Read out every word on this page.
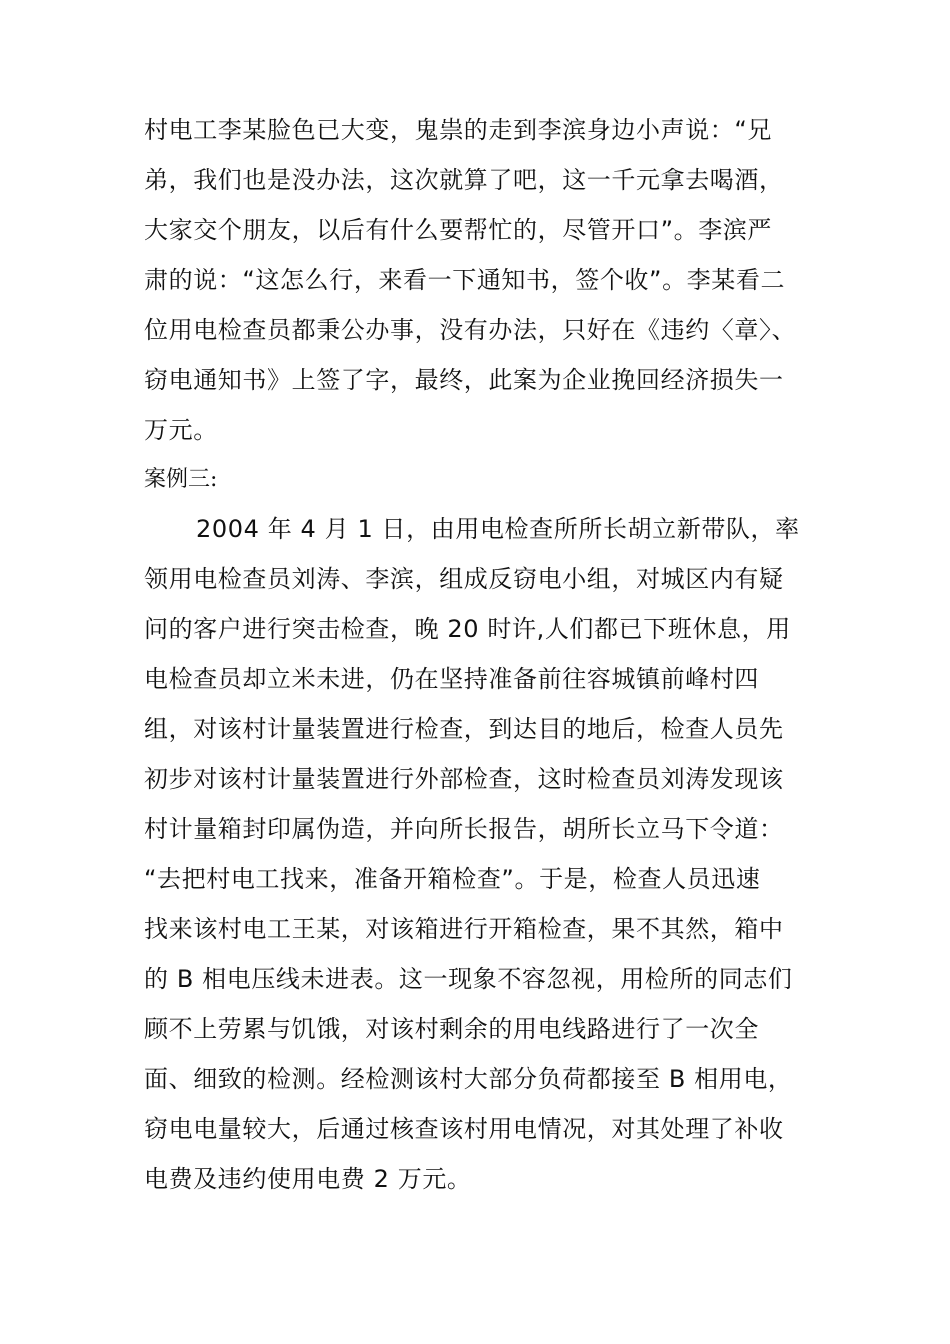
村电工李某脸色已大变，鬼祟的走到李滨身边小声说：“兄
弟，我们也是没办法，这次就算了吧，这一千元拿去喝酒，
大家交个朋友，以后有什么要帮忙的，尽管开口”。李滨严
肃的说：“这怎么行，来看一下通知书，签个收”。李某看二
位用电检查员都秉公办事，没有办法，只好在《违约〈章〉、
窃电通知书》上签了字，最终，此案为企业挽回经济损失一
万元。
案例三:
2004 年 4 月 1 日，由用电检查所所长胡立新带队，率
领用电检查员刘涛、李滨，组成反窃电小组，对城区内有疑
问的客户进行突击检查，晚 20 时许,人们都已下班休息，用
电检查员却立米未进，仍在坚持准备前往容城镇前峰村四
组，对该村计量装置进行检查，到达目的地后，检查人员先
初步对该村计量装置进行外部检查，这时检查员刘涛发现该
村计量箱封印属伪造，并向所长报告，胡所长立马下令道：
“去把村电工找来，准备开箱检查”。于是，检查人员迅速
找来该村电工王某，对该箱进行开箱检查，果不其然，箱中
的 B 相电压线未进表。这一现象不容忽视，用检所的同志们
顾不上劳累与饥饿，对该村剩余的用电线路进行了一次全
面、细致的检测。经检测该村大部分负荷都接至 B 相用电，
窃电电量较大，后通过核查该村用电情况，对其处理了补收
电费及违约使用电费 2 万元。
